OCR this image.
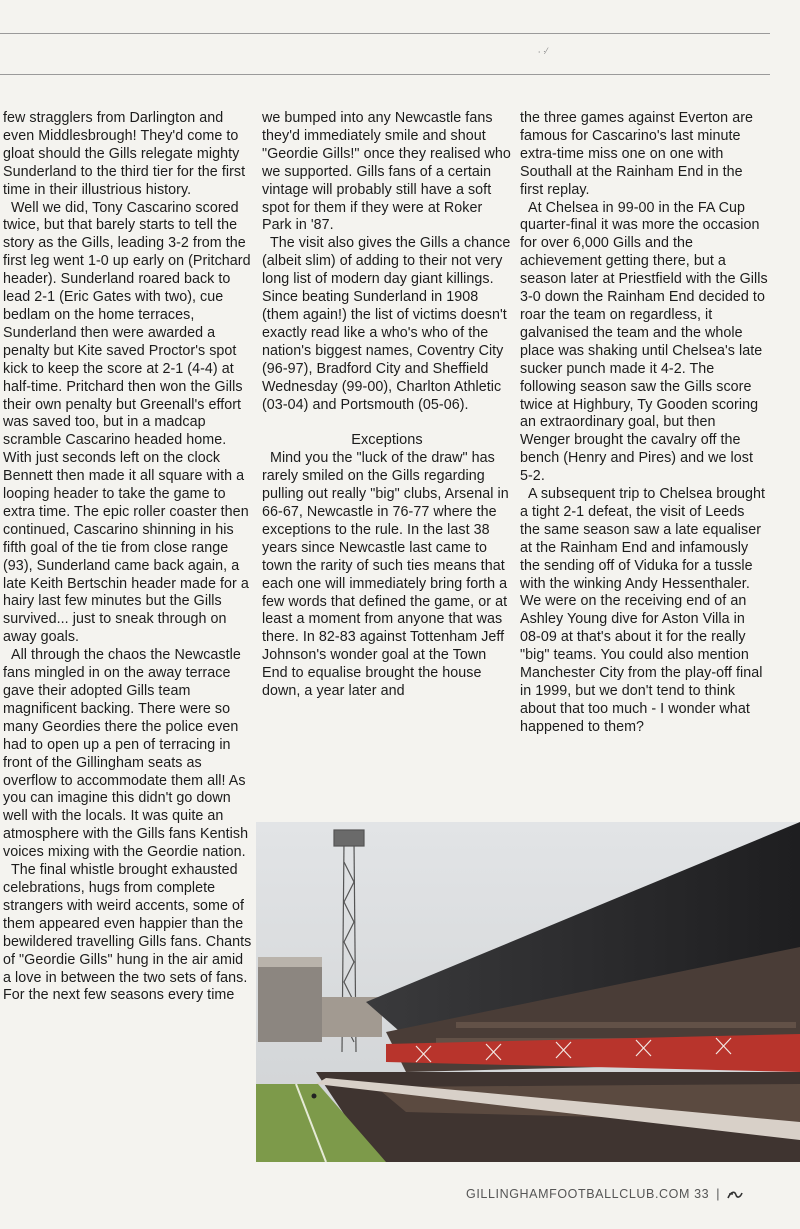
⸳ ·⁄

few stragglers from Darlington and even Middlesbrough! They'd come to gloat should the Gills relegate mighty Sunderland to the third tier for the first time in their illustrious history.

Well we did, Tony Cascarino scored twice, but that barely starts to tell the story as the Gills, leading 3-2 from the first leg went 1-0 up early on (Pritchard header). Sunderland roared back to lead 2-1 (Eric Gates with two), cue bedlam on the home terraces, Sunderland then were awarded a penalty but Kite saved Proctor's spot kick to keep the score at 2-1 (4-4) at half-time. Pritchard then won the Gills their own penalty but Greenall's effort was saved too, but in a madcap scramble Cascarino headed home. With just seconds left on the clock Bennett then made it all square with a looping header to take the game to extra time. The epic roller coaster then continued, Cascarino shinning in his fifth goal of the tie from close range (93), Sunderland came back again, a late Keith Bertschin header made for a hairy last few minutes but the Gills survived... just to sneak through on away goals.

All through the chaos the Newcastle fans mingled in on the away terrace gave their adopted Gills team magnificent backing. There were so many Geordies there the police even had to open up a pen of terracing in front of the Gillingham seats as overflow to accommodate them all! As you can imagine this didn't go down well with the locals. It was quite an atmosphere with the Gills fans Kentish voices mixing with the Geordie nation.

The final whistle brought exhausted celebrations, hugs from complete strangers with weird accents, some of them appeared even happier than the bewildered travelling Gills fans. Chants of "Geordie Gills" hung in the air amid a love in between the two sets of fans. For the next few seasons every time

we bumped into any Newcastle fans they'd immediately smile and shout "Geordie Gills!" once they realised who we supported. Gills fans of a certain vintage will probably still have a soft spot for them if they were at Roker Park in '87.

The visit also gives the Gills a chance (albeit slim) of adding to their not very long list of modern day giant killings. Since beating Sunderland in 1908 (them again!) the list of victims doesn't exactly read like a who's who of the nation's biggest names, Coventry City (96-97), Bradford City and Sheffield Wednesday (99-00), Charlton Athletic (03-04) and Portsmouth (05-06).

Exceptions

Mind you the "luck of the draw" has rarely smiled on the Gills regarding pulling out really "big" clubs, Arsenal in 66-67, Newcastle in 76-77 where the exceptions to the rule. In the last 38 years since Newcastle last came to town the rarity of such ties means that each one will immediately bring forth a few words that defined the game, or at least a moment from anyone that was there. In 82-83 against Tottenham Jeff Johnson's wonder goal at the Town End to equalise brought the house down, a year later and

the three games against Everton are famous for Cascarino's last minute extra-time miss one on one with Southall at the Rainham End in the first replay.

At Chelsea in 99-00 in the FA Cup quarter-final it was more the occasion for over 6,000 Gills and the achievement getting there, but a season later at Priestfield with the Gills 3-0 down the Rainham End decided to roar the team on regardless, it galvanised the team and the whole place was shaking until Chelsea's late sucker punch made it 4-2. The following season saw the Gills score twice at Highbury, Ty Gooden scoring an extraordinary goal, but then Wenger brought the cavalry off the bench (Henry and Pires) and we lost 5-2.

A subsequent trip to Chelsea brought a tight 2-1 defeat, the visit of Leeds the same season saw a late equaliser at the Rainham End and infamously the sending off of Viduka for a tussle with the winking Andy Hessenthaler. We were on the receiving end of an Ashley Young dive for Aston Villa in 08-09 at that's about it for the really "big" teams. You could also mention Manchester City from the play-off final in 1999, but we don't tend to think about that too much - I wonder what happened to them?

GILLINGHAMFOOTBALLCLUB.COM 33 |
